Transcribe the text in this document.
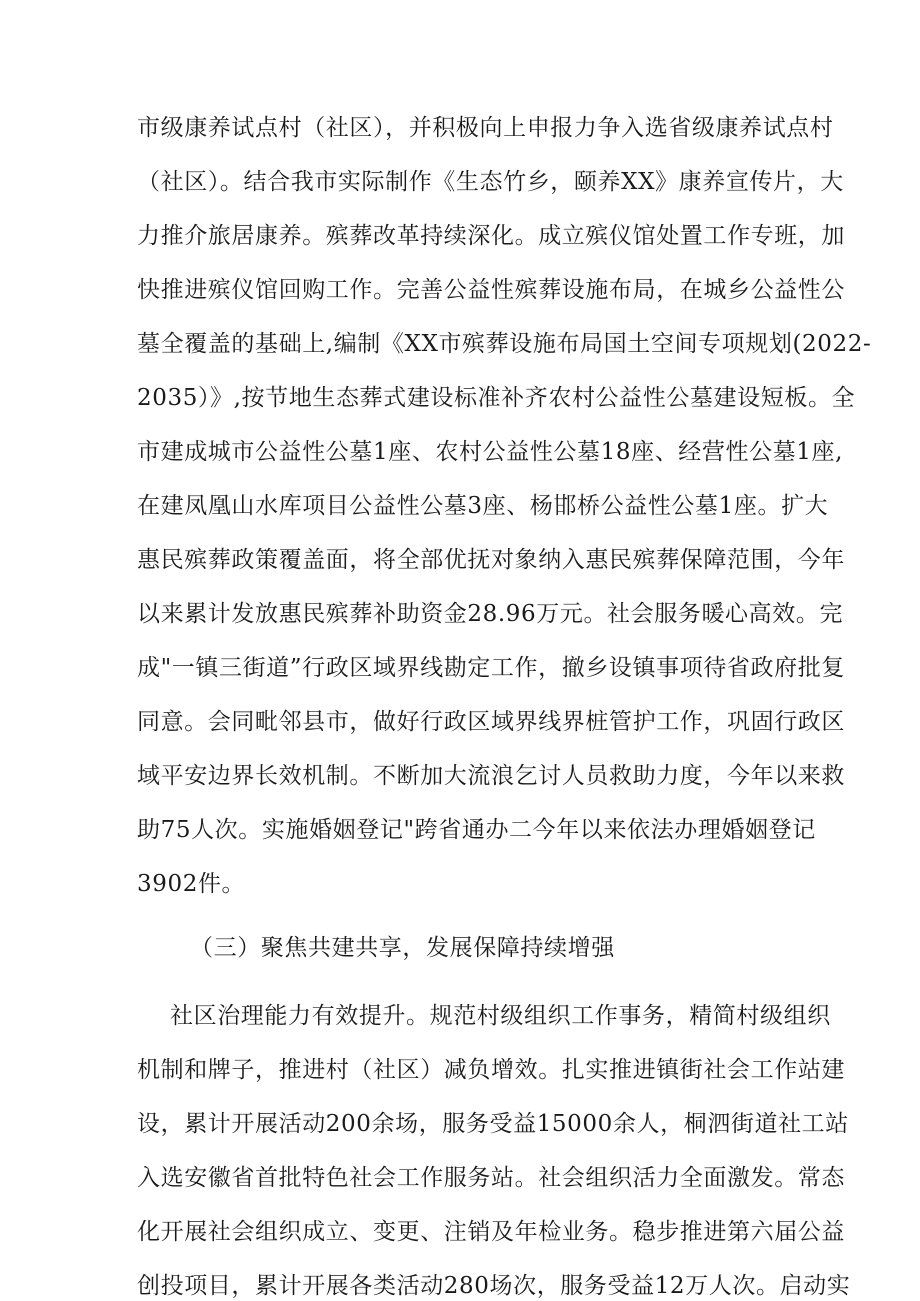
市级康养试点村（社区），并积极向上申报力争入选省级康养试点村
（社区）。结合我市实际制作《生态竹乡，颐养XX》康养宣传片，大
力推介旅居康养。殡葬改革持续深化。成立殡仪馆处置工作专班，加
快推进殡仪馆回购工作。完善公益性殡葬设施布局，在城乡公益性公
墓全覆盖的基础上,编制《XX市殡葬设施布局国土空间专项规划(2022-
2035）》,按节地生态葬式建设标准补齐农村公益性公墓建设短板。全
市建成城市公益性公墓1座、农村公益性公墓18座、经营性公墓1座,
在建凤凰山水库项目公益性公墓3座、杨邯桥公益性公墓1座。扩大
惠民殡葬政策覆盖面，将全部优抚对象纳入惠民殡葬保障范围，今年
以来累计发放惠民殡葬补助资金28.96万元。社会服务暖心高效。完
成"一镇三街道”行政区域界线勘定工作，撤乡设镇事项待省政府批复
同意。会同毗邻县市，做好行政区域界线界桩管护工作，巩固行政区
域平安边界长效机制。不断加大流浪乞讨人员救助力度，今年以来救
助75人次。实施婚姻登记"跨省通办二今年以来依法办理婚姻登记
3902件。
（三）聚焦共建共享，发展保障持续增强
社区治理能力有效提升。规范村级组织工作事务，精简村级组织
机制和牌子，推进村（社区）减负增效。扎实推进镇街社会工作站建
设，累计开展活动200余场，服务受益15000余人，桐泗街道社工站
入选安徽省首批特色社会工作服务站。社会组织活力全面激发。常态
化开展社会组织成立、变更、注销及年检业务。稳步推进第六届公益
创投项目，累计开展各类活动280场次，服务受益12万人次。启动实
